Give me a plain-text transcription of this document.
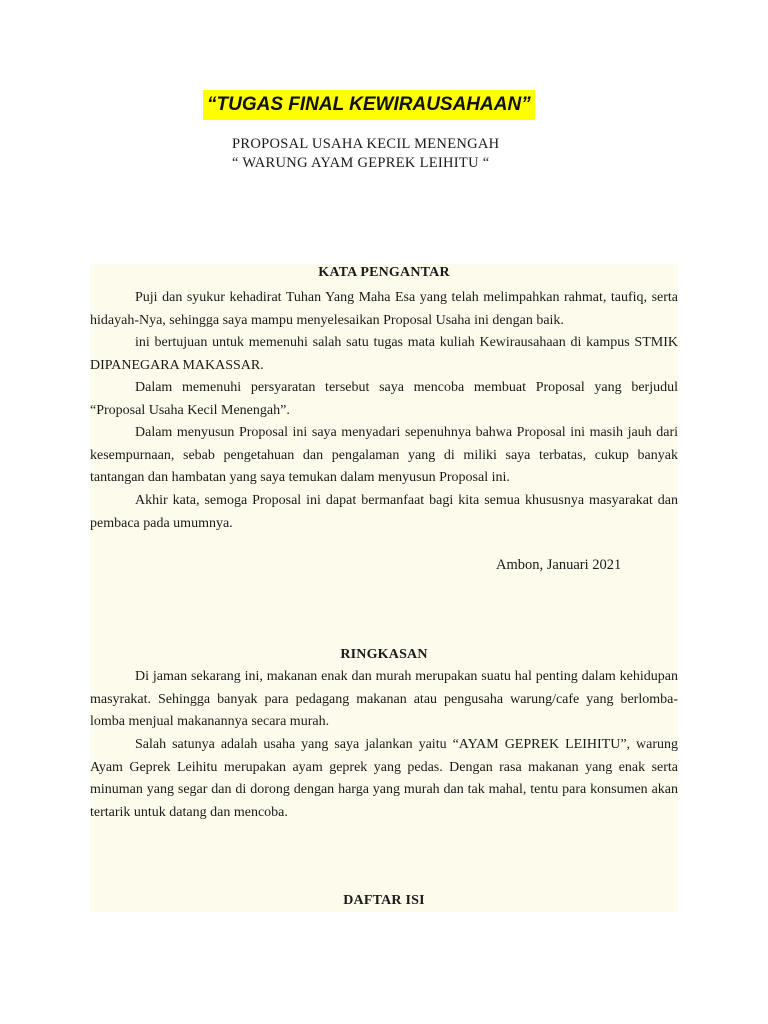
“TUGAS FINAL KEWIRAUSAHAAN”
PROPOSAL USAHA KECIL MENENGAH
“ WARUNG AYAM GEPREK LEIHITU “
KATA PENGANTAR

Puji dan syukur kehadirat Tuhan Yang Maha Esa yang telah melimpahkan rahmat, taufiq, serta hidayah-Nya, sehingga saya mampu menyelesaikan Proposal Usaha ini dengan baik.

ini bertujuan untuk memenuhi salah satu tugas mata kuliah Kewirausahaan di kampus STMIK DIPANEGARA MAKASSAR.

Dalam memenuhi persyaratan tersebut saya mencoba membuat Proposal yang berjudul “Proposal Usaha Kecil Menengah”.

Dalam menyusun Proposal ini saya menyadari sepenuhnya bahwa Proposal ini masih jauh dari kesempurnaan, sebab pengetahuan dan pengalaman yang di miliki saya terbatas, cukup banyak tantangan dan hambatan yang saya temukan dalam menyusun Proposal ini.

Akhir kata, semoga Proposal ini dapat bermanfaat bagi kita semua khususnya masyarakat dan pembaca pada umumnya.

Ambon, Januari 2021
RINGKASAN

Di jaman sekarang ini, makanan enak dan murah merupakan suatu hal penting dalam kehidupan masyrakat. Sehingga banyak para pedagang makanan atau pengusaha warung/cafe yang berlomba-lomba menjual makanannya secara murah.

Salah satunya adalah usaha yang saya jalankan yaitu “AYAM GEPREK LEIHITU”, warung Ayam Geprek Leihitu merupakan ayam geprek yang pedas. Dengan rasa makanan yang enak serta minuman yang segar dan di dorong dengan harga yang murah dan tak mahal, tentu para konsumen akan tertarik untuk datang dan mencoba.

DAFTAR ISI
